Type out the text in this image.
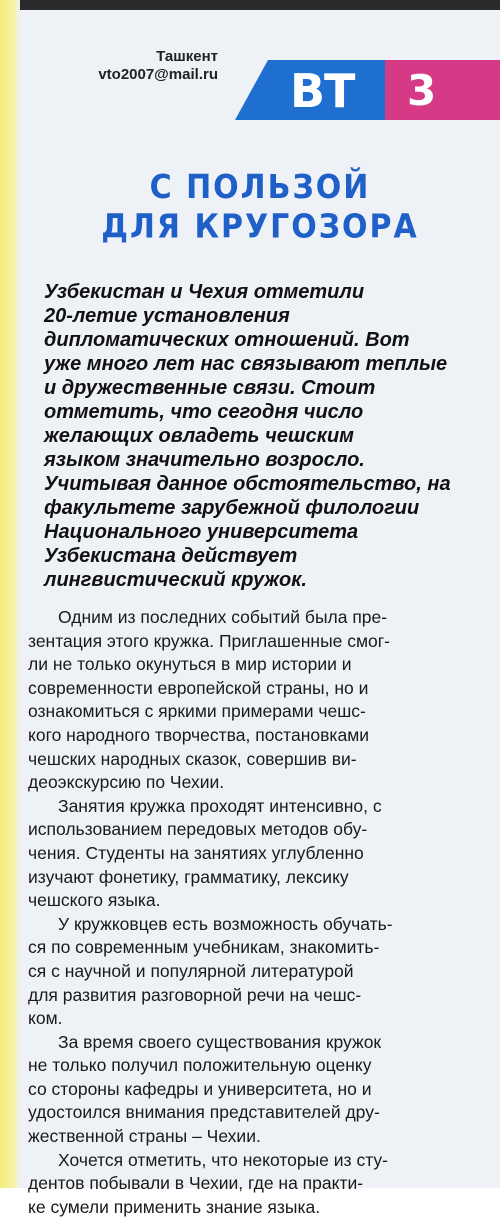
Ташкент
vto2007@mail.ru ВТ 3
С ПОЛЬЗОЙ
ДЛЯ КРУГОЗОРА
Узбекистан и Чехия отметили
20-летие установления
дипломатических отношений. Вот
уже много лет нас связывают теплые
и дружественные связи. Стоит
отметить, что сегодня число
желающих овладеть чешским
языком значительно возросло.
Учитывая данное обстоятельство, на
факультете зарубежной филологии
Национального университета
Узбекистана действует
лингвистический кружок.
Одним из последних событий была пре-
зентация этого кружка. Приглашенные смог-
ли не только окунуться в мир истории и
современности европейской страны, но и
ознакомиться с яркими примерами чешс-
кого народного творчества, постановками
чешских народных сказок, совершив ви-
деоэкскурсию по Чехии.
Занятия кружка проходят интенсивно, с
использованием передовых методов обу-
чения. Студенты на занятиях углубленно
изучают фонетику, грамматику, лексику
чешского языка.
У кружковцев есть возможность обучать-
ся по современным учебникам, знакомить-
ся с научной и популярной литературой
для развития разговорной речи на чешс-
ком.
За время своего существования кружок
не только получил положительную оценку
со стороны кафедры и университета, но и
удостоился внимания представителей дру-
жественной страны – Чехии.
Хочется отметить, что некоторые из сту-
дентов побывали в Чехии, где на практи-
ке сумели применить знание языка.
